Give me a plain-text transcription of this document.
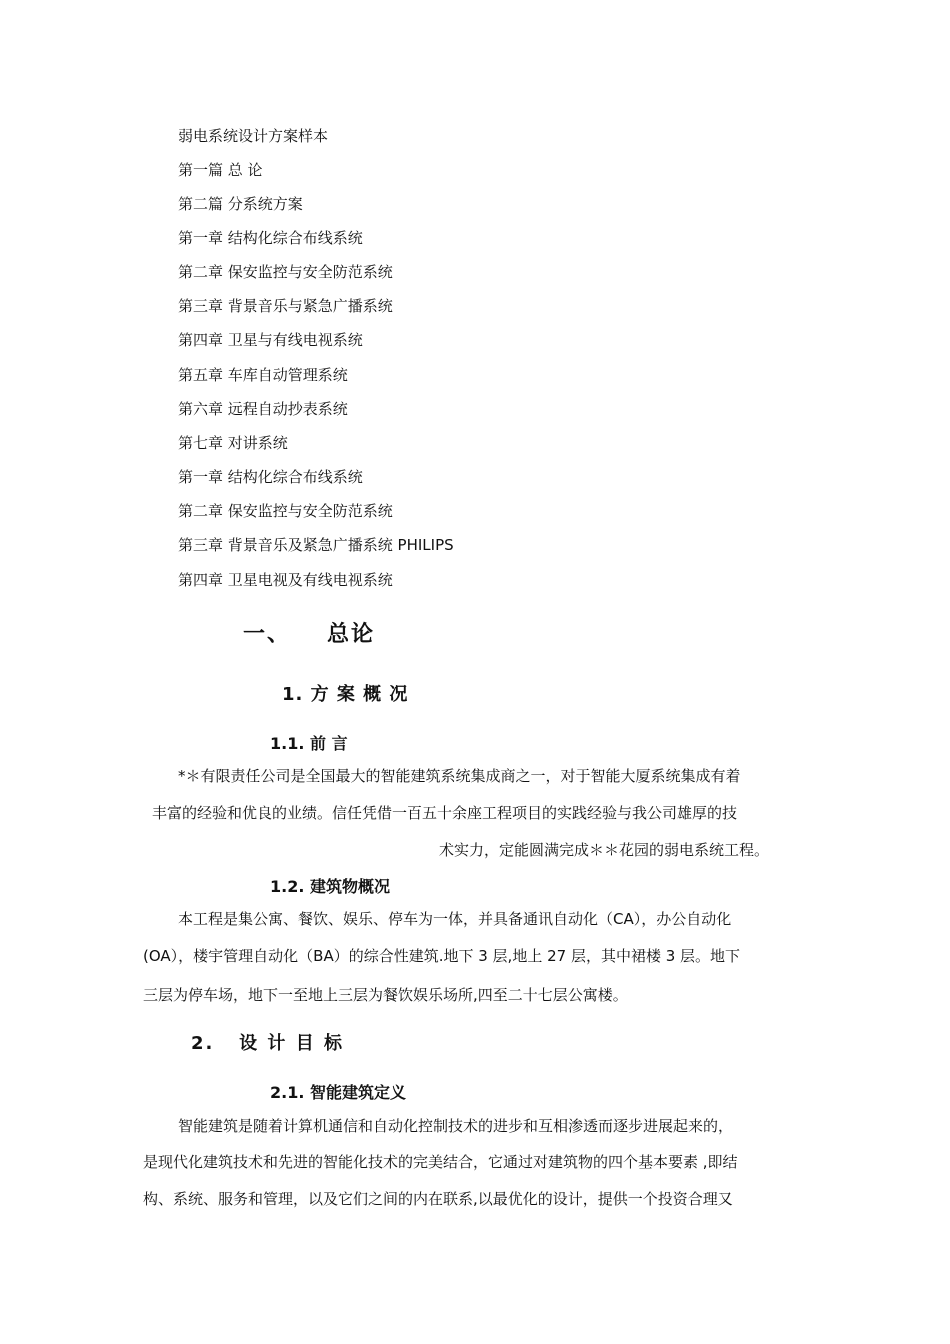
弱电系统设计方案样本
第一篇 总 论
第二篇 分系统方案
第一章 结构化综合布线系统
第二章 保安监控与安全防范系统
第三章 背景音乐与紧急广播系统
第四章 卫星与有线电视系统
第五章 车库自动管理系统
第六章 远程自动抄表系统
第七章 对讲系统
第一章 结构化综合布线系统
第二章 保安监控与安全防范系统
第三章 背景音乐及紧急广播系统 PHILIPS
第四章 卫星电视及有线电视系统
一、 总论
1. 方 案 概 况
1.1. 前 言
*＊有限责任公司是全国最大的智能建筑系统集成商之一，对于智能大厦系统集成有着
丰富的经验和优良的业绩。信任凭借一百五十余座工程项目的实践经验与我公司雄厚的技
术实力，定能圆满完成＊＊花园的弱电系统工程。
1.2. 建筑物概况
本工程是集公寓、餐饮、娱乐、停车为一体，并具备通讯自动化（CA），办公自动化
(OA），楼宇管理自动化（BA）的综合性建筑.地下 3 层,地上 27 层，其中裙楼 3 层。地下
三层为停车场，地下一至地上三层为餐饮娱乐场所,四至二十七层公寓楼。
2.   设 计 目 标
2.1. 智能建筑定义
智能建筑是随着计算机通信和自动化控制技术的进步和互相渗透而逐步进展起来的，
是现代化建筑技术和先进的智能化技术的完美结合，它通过对建筑物的四个基本要素 ,即结
构、系统、服务和管理，以及它们之间的内在联系,以最优化的设计，提供一个投资合理又
